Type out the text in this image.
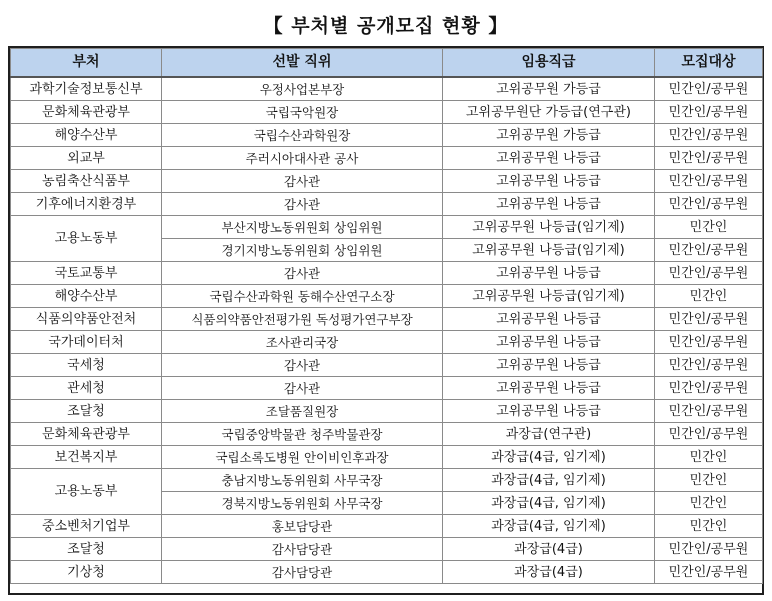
【 부처별 공개모집 현황 】
부처	선발 직위	임용직급	모집대상
과학기술정보통신부	우정사업본부장	고위공무원 가등급	민간인/공무원
문화체육관광부	국립국악원장	고위공무원단 가등급(연구관)	민간인/공무원
해양수산부	국립수산과학원장	고위공무원 가등급	민간인/공무원
외교부	주러시아대사관 공사	고위공무원 나등급	민간인/공무원
농림축산식품부	감사관	고위공무원 나등급	민간인/공무원
기후에너지환경부	감사관	고위공무원 나등급	민간인/공무원
고용노동부	부산지방노동위원회 상임위원	고위공무원 나등급(임기제)	민간인
	경기지방노동위원회 상임위원	고위공무원 나등급(임기제)	민간인/공무원
국토교통부	감사관	고위공무원 나등급	민간인/공무원
해양수산부	국립수산과학원 동해수산연구소장	고위공무원 나등급(임기제)	민간인
식품의약품안전처	식품의약품안전평가원 독성평가연구부장	고위공무원 나등급	민간인/공무원
국가데이터처	조사관리국장	고위공무원 나등급	민간인/공무원
국세청	감사관	고위공무원 나등급	민간인/공무원
관세청	감사관	고위공무원 나등급	민간인/공무원
조달청	조달품질원장	고위공무원 나등급	민간인/공무원
문화체육관광부	국립중앙박물관 청주박물관장	과장급(연구관)	민간인/공무원
보건복지부	국립소록도병원 안이비인후과장	과장급(4급, 임기제)	민간인
고용노동부	충남지방노동위원회 사무국장	과장급(4급, 임기제)	민간인
	경북지방노동위원회 사무국장	과장급(4급, 임기제)	민간인
중소벤처기업부	홍보담당관	과장급(4급, 임기제)	민간인
조달청	감사담당관	과장급(4급)	민간인/공무원
기상청	감사담당관	과장급(4급)	민간인/공무원
